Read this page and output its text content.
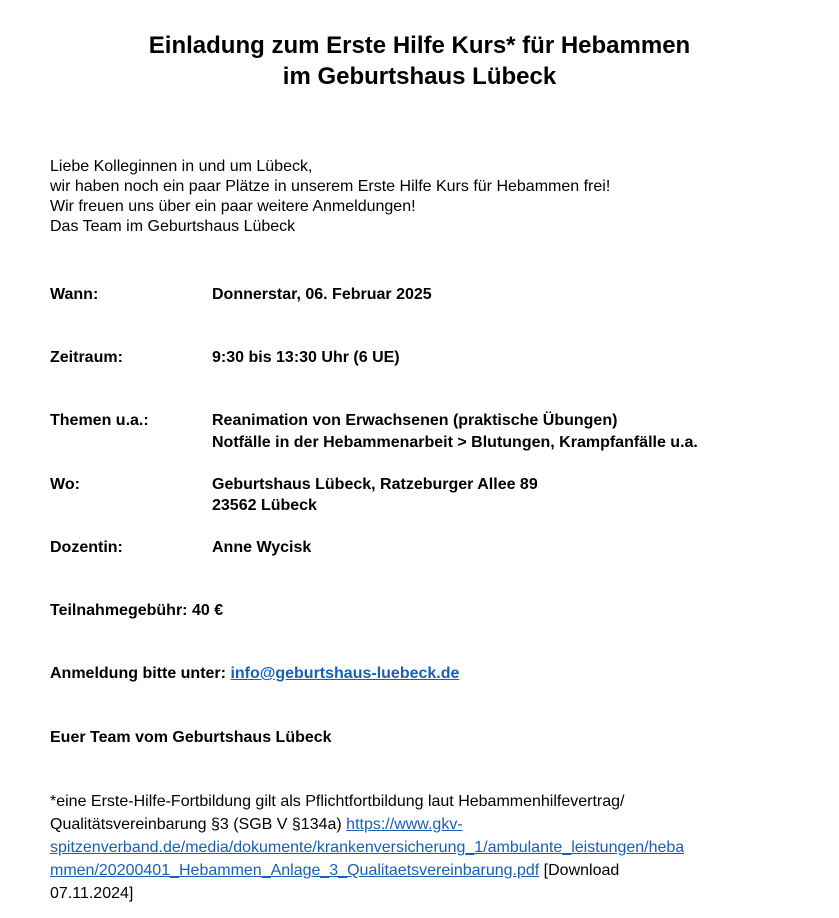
Einladung zum Erste Hilfe Kurs* für Hebammen
im Geburtshaus Lübeck
Liebe Kolleginnen in und um Lübeck,
wir haben noch ein paar Plätze in unserem Erste Hilfe Kurs für Hebammen frei!
Wir freuen uns über ein paar weitere Anmeldungen!
Das Team im Geburtshaus Lübeck
Wann:	Donnerstar, 06. Februar 2025
Zeitraum:	9:30 bis 13:30 Uhr (6 UE)
Themen u.a.:	Reanimation von Erwachsenen (praktische Übungen)
Notfälle in der Hebammenarbeit > Blutungen, Krampfanfälle u.a.
Wo:	Geburtshaus Lübeck, Ratzeburger Allee 89
23562 Lübeck
Dozentin:	Anne Wycisk
Teilnahmegebühr: 40 €
Anmeldung bitte unter: info@geburtshaus-luebeck.de
Euer Team vom Geburtshaus Lübeck
*eine Erste-Hilfe-Fortbildung gilt als Pflichtfortbildung laut Hebammenhilfevertrag/
Qualitätsvereinbarung §3 (SGB V §134a) https://www.gkv-
spitzenverband.de/media/dokumente/krankenversicherung_1/ambulante_leistungen/heba
mmen/20200401_Hebammen_Anlage_3_Qualitaetsvereinbarung.pdf [Download
07.11.2024]
